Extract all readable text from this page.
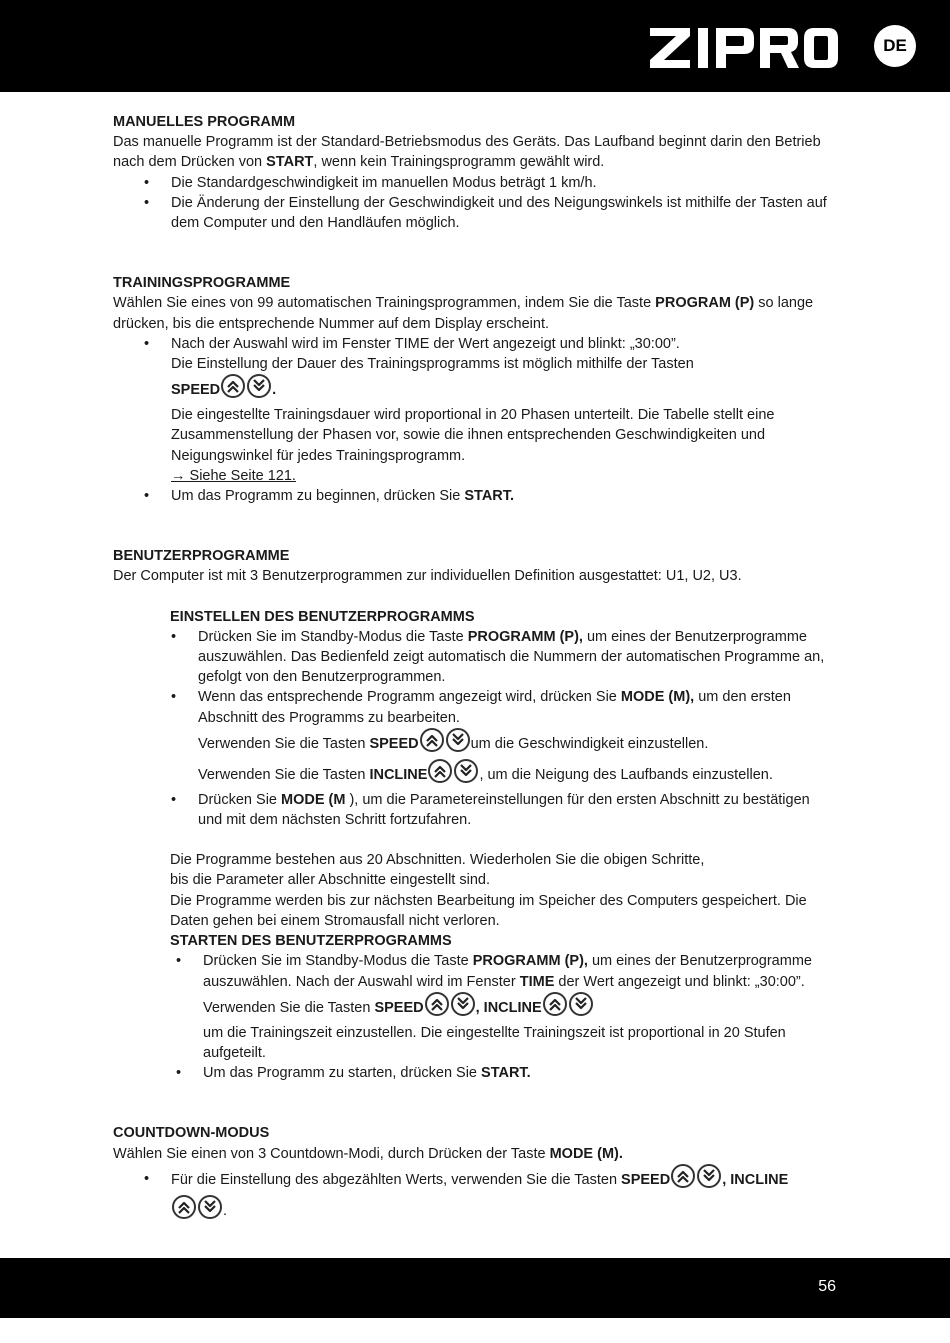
DE

MANUELLES PROGRAMM

Das manuelle Programm ist der Standard-Betriebsmodus des Geräts. Das Laufband beginnt darin den Betrieb nach dem Drücken von START, wenn kein Trainingsprogramm gewählt wird.

• Die Standardgeschwindigkeit im manuellen Modus beträgt 1 km/h.
• Die Änderung der Einstellung der Geschwindigkeit und des Neigungswinkels ist mithilfe der Tasten auf dem Computer und den Handläufen möglich.

TRAININGSPROGRAMME

Wählen Sie eines von 99 automatischen Trainingsprogrammen, indem Sie die Taste PROGRAM (P) so lange drücken, bis die entsprechende Nummer auf dem Display erscheint.

• Nach der Auswahl wird im Fenster TIME der Wert angezeigt und blinkt: „30:00”.
Die Einstellung der Dauer des Trainingsprogramms ist möglich mithilfe der Tasten
SPEED	.
Die eingestellte Trainingsdauer wird proportional in 20 Phasen unterteilt. Die Tabelle stellt eine Zusammenstellung der Phasen vor, sowie die ihnen entsprechenden Geschwindigkeiten und Neigungswinkel für jedes Trainingsprogramm.
→ Siehe Seite 121.
• Um das Programm zu beginnen, drücken Sie START.

BENUTZERPROGRAMME

Der Computer ist mit 3 Benutzerprogrammen zur individuellen Definition ausgestattet: U1, U2, U3.

EINSTELLEN DES BENUTZERPROGRAMMS

• Drücken Sie im Standby-Modus die Taste PROGRAMM (P), um eines der Benutzerprogramme auszuwählen. Das Bedienfeld zeigt automatisch die Nummern der automatischen Programme an, gefolgt von den Benutzerprogrammen.
• Wenn das entsprechende Programm angezeigt wird, drücken Sie MODE (M), um den ersten Abschnitt des Programms zu bearbeiten.
Verwenden Sie die Tasten SPEED	um die Geschwindigkeit einzustellen.
Verwenden Sie die Tasten INCLINE	, um die Neigung des Laufbands einzustellen.
• Drücken Sie MODE (M ), um die Parametereinstellungen für den ersten Abschnitt zu bestätigen und mit dem nächsten Schritt fortzufahren.

Die Programme bestehen aus 20 Abschnitten. Wiederholen Sie die obigen Schritte,

bis die Parameter aller Abschnitte eingestellt sind.

Die Programme werden bis zur nächsten Bearbeitung im Speicher des Computers gespeichert. Die Daten gehen bei einem Stromausfall nicht verloren.

STARTEN DES BENUTZERPROGRAMMS

• Drücken Sie im Standby-Modus die Taste PROGRAMM (P), um eines der Benutzerprogramme auszuwählen. Nach der Auswahl wird im Fenster TIME der Wert angezeigt und blinkt: „30:00”.
Verwenden Sie die Tasten SPEED	, INCLINE

um die Trainingszeit einzustellen. Die eingestellte Trainingszeit ist proportional in 20 Stufen aufgeteilt.
• Um das Programm zu starten, drücken Sie START.

COUNTDOWN-MODUS

Wählen Sie einen von 3 Countdown-Modi, durch Drücken der Taste MODE (M).

• Für die Einstellung des abgezählten Werts, verwenden Sie die Tasten SPEED	, INCLINE

.
56
